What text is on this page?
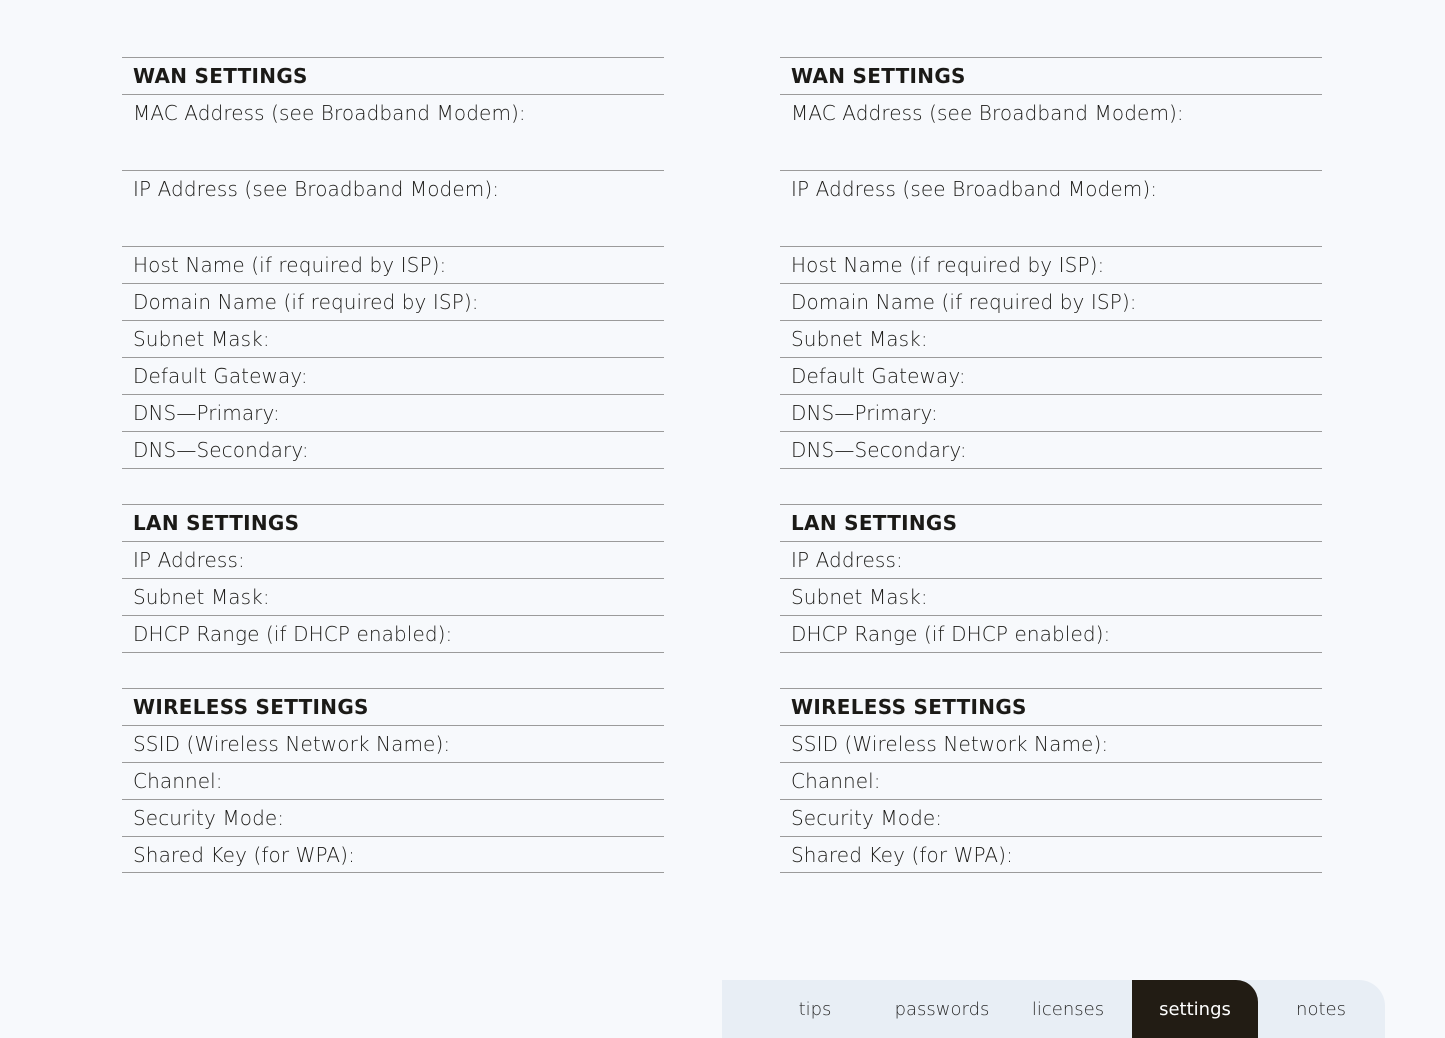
WAN SETTINGS
MAC Address (see Broadband Modem):
IP Address (see Broadband Modem):
Host Name (if required by ISP):
Domain Name (if required by ISP):
Subnet Mask:
Default Gateway:
DNS—Primary:
DNS—Secondary:
LAN SETTINGS
IP Address:
Subnet Mask:
DHCP Range (if DHCP enabled):
WIRELESS SETTINGS
SSID (Wireless Network Name):
Channel:
Security Mode:
Shared Key (for WPA):
WAN SETTINGS
MAC Address (see Broadband Modem):
IP Address (see Broadband Modem):
Host Name (if required by ISP):
Domain Name (if required by ISP):
Subnet Mask:
Default Gateway:
DNS—Primary:
DNS—Secondary:
LAN SETTINGS
IP Address:
Subnet Mask:
DHCP Range (if DHCP enabled):
WIRELESS SETTINGS
SSID (Wireless Network Name):
Channel:
Security Mode:
Shared Key (for WPA):
tips	passwords	licenses	settings	notes
